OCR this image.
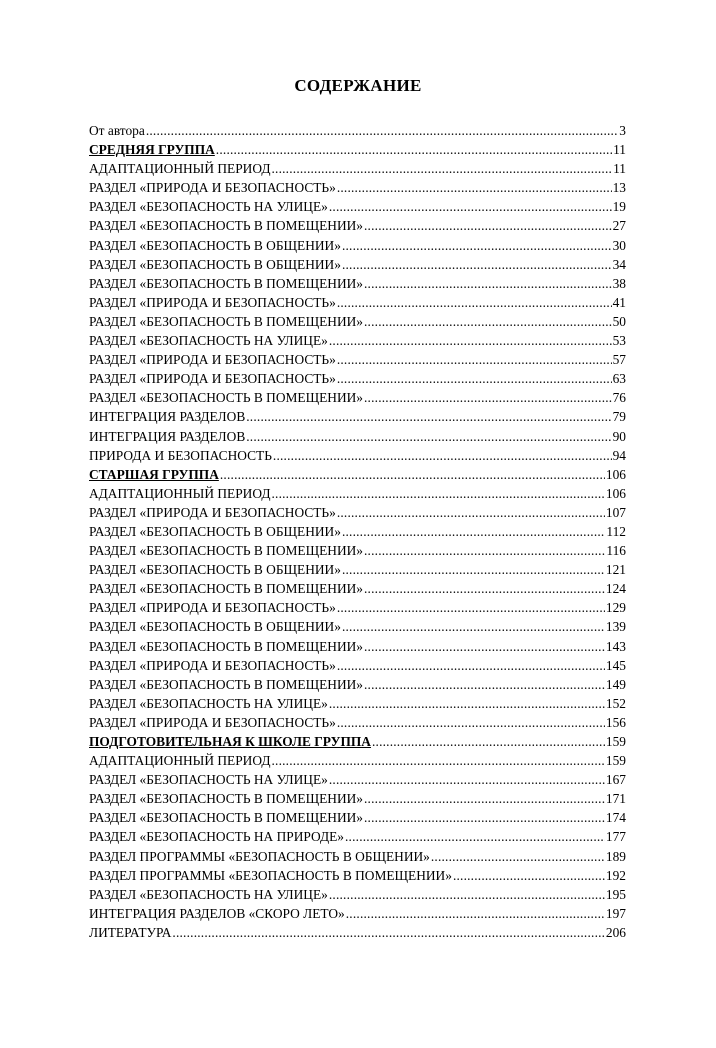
СОДЕРЖАНИЕ
От автора .....	3
СРЕДНЯЯ ГРУППА .....	11
АДАПТАЦИОННЫЙ ПЕРИОД .....	11
РАЗДЕЛ «ПРИРОДА И БЕЗОПАСНОСТЬ» .....	13
РАЗДЕЛ «БЕЗОПАСНОСТЬ НА УЛИЦЕ» .....	19
РАЗДЕЛ «БЕЗОПАСНОСТЬ В ПОМЕЩЕНИИ» .....	27
РАЗДЕЛ «БЕЗОПАСНОСТЬ В ОБЩЕНИИ» .....	30
РАЗДЕЛ «БЕЗОПАСНОСТЬ В ОБЩЕНИИ» .....	34
РАЗДЕЛ «БЕЗОПАСНОСТЬ В ПОМЕЩЕНИИ» .....	38
РАЗДЕЛ «ПРИРОДА И БЕЗОПАСНОСТЬ» .....	41
РАЗДЕЛ «БЕЗОПАСНОСТЬ В ПОМЕЩЕНИИ» .....	50
РАЗДЕЛ «БЕЗОПАСНОСТЬ НА УЛИЦЕ» .....	53
РАЗДЕЛ «ПРИРОДА И БЕЗОПАСНОСТЬ» .....	57
РАЗДЕЛ «ПРИРОДА И БЕЗОПАСНОСТЬ» .....	63
РАЗДЕЛ «БЕЗОПАСНОСТЬ В ПОМЕЩЕНИИ» .....	76
ИНТЕГРАЦИЯ РАЗДЕЛОВ .....	79
ИНТЕГРАЦИЯ РАЗДЕЛОВ .....	90
ПРИРОДА И БЕЗОПАСНОСТЬ .....	94
СТАРШАЯ ГРУППА .....	106
АДАПТАЦИОННЫЙ ПЕРИОД .....	106
РАЗДЕЛ «ПРИРОДА И БЕЗОПАСНОСТЬ» .....	107
РАЗДЕЛ «БЕЗОПАСНОСТЬ В ОБЩЕНИИ» .....	112
РАЗДЕЛ «БЕЗОПАСНОСТЬ В ПОМЕЩЕНИИ» .....	116
РАЗДЕЛ «БЕЗОПАСНОСТЬ В ОБЩЕНИИ» .....	121
РАЗДЕЛ «БЕЗОПАСНОСТЬ В ПОМЕЩЕНИИ» .....	124
РАЗДЕЛ «ПРИРОДА И БЕЗОПАСНОСТЬ» .....	129
РАЗДЕЛ «БЕЗОПАСНОСТЬ В ОБЩЕНИИ» .....	139
РАЗДЕЛ «БЕЗОПАСНОСТЬ В ПОМЕЩЕНИИ» .....	143
РАЗДЕЛ «ПРИРОДА И БЕЗОПАСНОСТЬ» .....	145
РАЗДЕЛ «БЕЗОПАСНОСТЬ В ПОМЕЩЕНИИ» .....	149
РАЗДЕЛ «БЕЗОПАСНОСТЬ НА УЛИЦЕ» .....	152
РАЗДЕЛ «ПРИРОДА И БЕЗОПАСНОСТЬ» .....	156
ПОДГОТОВИТЕЛЬНАЯ К ШКОЛЕ ГРУППА .....	159
АДАПТАЦИОННЫЙ ПЕРИОД .....	159
РАЗДЕЛ «БЕЗОПАСНОСТЬ НА УЛИЦЕ» .....	167
РАЗДЕЛ «БЕЗОПАСНОСТЬ В ПОМЕЩЕНИИ» .....	171
РАЗДЕЛ «БЕЗОПАСНОСТЬ В ПОМЕЩЕНИИ» .....	174
РАЗДЕЛ «БЕЗОПАСНОСТЬ НА ПРИРОДЕ» .....	177
РАЗДЕЛ ПРОГРАММЫ «БЕЗОПАСНОСТЬ В ОБЩЕНИИ» .....	189
РАЗДЕЛ ПРОГРАММЫ «БЕЗОПАСНОСТЬ В ПОМЕЩЕНИИ» .....	192
РАЗДЕЛ «БЕЗОПАСНОСТЬ НА УЛИЦЕ» .....	195
ИНТЕГРАЦИЯ РАЗДЕЛОВ «СКОРО ЛЕТО» .....	197
ЛИТЕРАТУРА .....	206
